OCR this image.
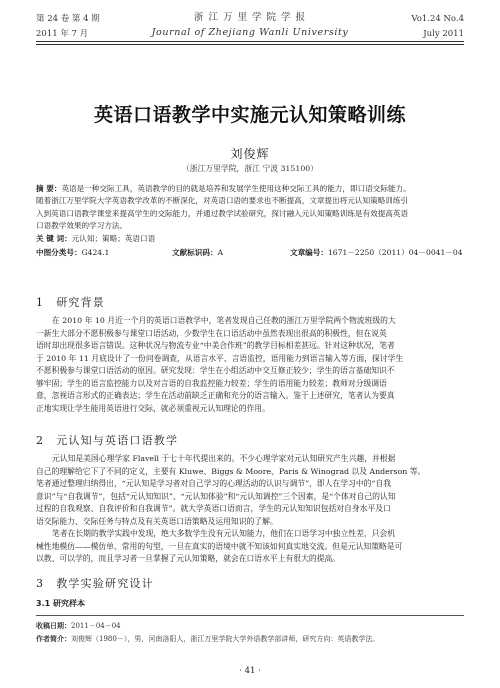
第 24 卷 第 4 期
2011 年 7 月
浙 江 万 里 学 院 学 报
Journal of Zhejiang Wanli University
Vo1.24 No.4
July 2011
英语口语教学中实施元认知策略训练
刘俊辉
（浙江万里学院，浙江 宁波 315100）
摘 要：英语是一种交际工具，英语教学的目的就是培养和发展学生使用这种交际工具的能力，即口语交际能力。
随着浙江万里学院大学英语教学改革的不断深化，对英语口语的要求也不断提高，文章提出将元认知策略训练引
入到英语口语教学课堂来提高学生的交际能力，并通过教学试验研究，探讨融入元认知策略训练是有效提高英语
口语教学效果的学习方法。
关 键 词：元认知；策略；英语口语
中图分类号：G424.1	文献标识码：A	文章编号：1671－2250（2011）04－0041－04
1 研究背景
在 2010 年 10 月近一个月的英语口语教学中，笔者发现自己任教的浙江万里学院两个物流班级的大
一新生大部分不愿积极参与课堂口语活动，少数学生在口语活动中虽然表现出很高的积极性，但在说英
语时却出现很多语言错误。这种状况与物流专业“中美合作班”的教学目标相差甚远。针对这种状况，笔者
于 2010 年 11 月底设计了一份问卷调查，从语言水平、言语监控，语用能力到语言输入等方面，探讨学生
不愿积极参与课堂口语活动的原因。研究发现：学生在小组活动中交互修正较少；学生的语言基础知识不
够牢固；学生的语言监控能力以及对言语的自我监控能力较差；学生的语用能力较差；教师对分级调语
意，忽视语言形式的正确表达；学生在活动前缺乏正确和充分的语言输入。鉴于上述研究，笔者认为要真
正地实现让学生能用英语进行交际，就必须重视元认知理论的作用。
2 元认知与英语口语教学
元认知是美国心理学家 Flavell 于七十年代提出来的。不少心理学家对元认知研究产生兴趣，并根据
自己的理解给它下了不同的定义，主要有 Kluwe、Biggs & Moore、Paris & Winograd 以及 Anderson 等。
笔者通过整理归纳得出，“元认知是学习者对自己学习的心理活动的认识与调节”，即人在学习中的“自我
意识”与“自我调节”，包括“元认知知识”、“元认知体验”和“元认知调控”三个因素，是“个体对自己的认知
过程的自我观察、自我评价和自我调节”。就大学英语口语而言，学生的元认知知识包括对自身水平及口
语交际能力、交际任务与特点及有关英语口语策略及运用知识的了解。
笔者在长期的教学实践中发现，绝大多数学生没有元认知能力，他们在口语学习中独立性差，只会机
械性地模仿——模仿单、常用的句型，一旦在真实的语境中就不知该如何真实地交流。但是元认知策略是可
以教、可以学的，而且学习者一旦掌握了元认知策略，就会在口语水平上有很大的提高。
3 教学实验研究设计
3.1 研究样本
收稿日期：2011－04－04
作者简介：刘俊辉（1980－），男，河南洛阳人，浙江万里学院大学外语教学部讲师，研究方向：英语教学法。
· 41 ·
